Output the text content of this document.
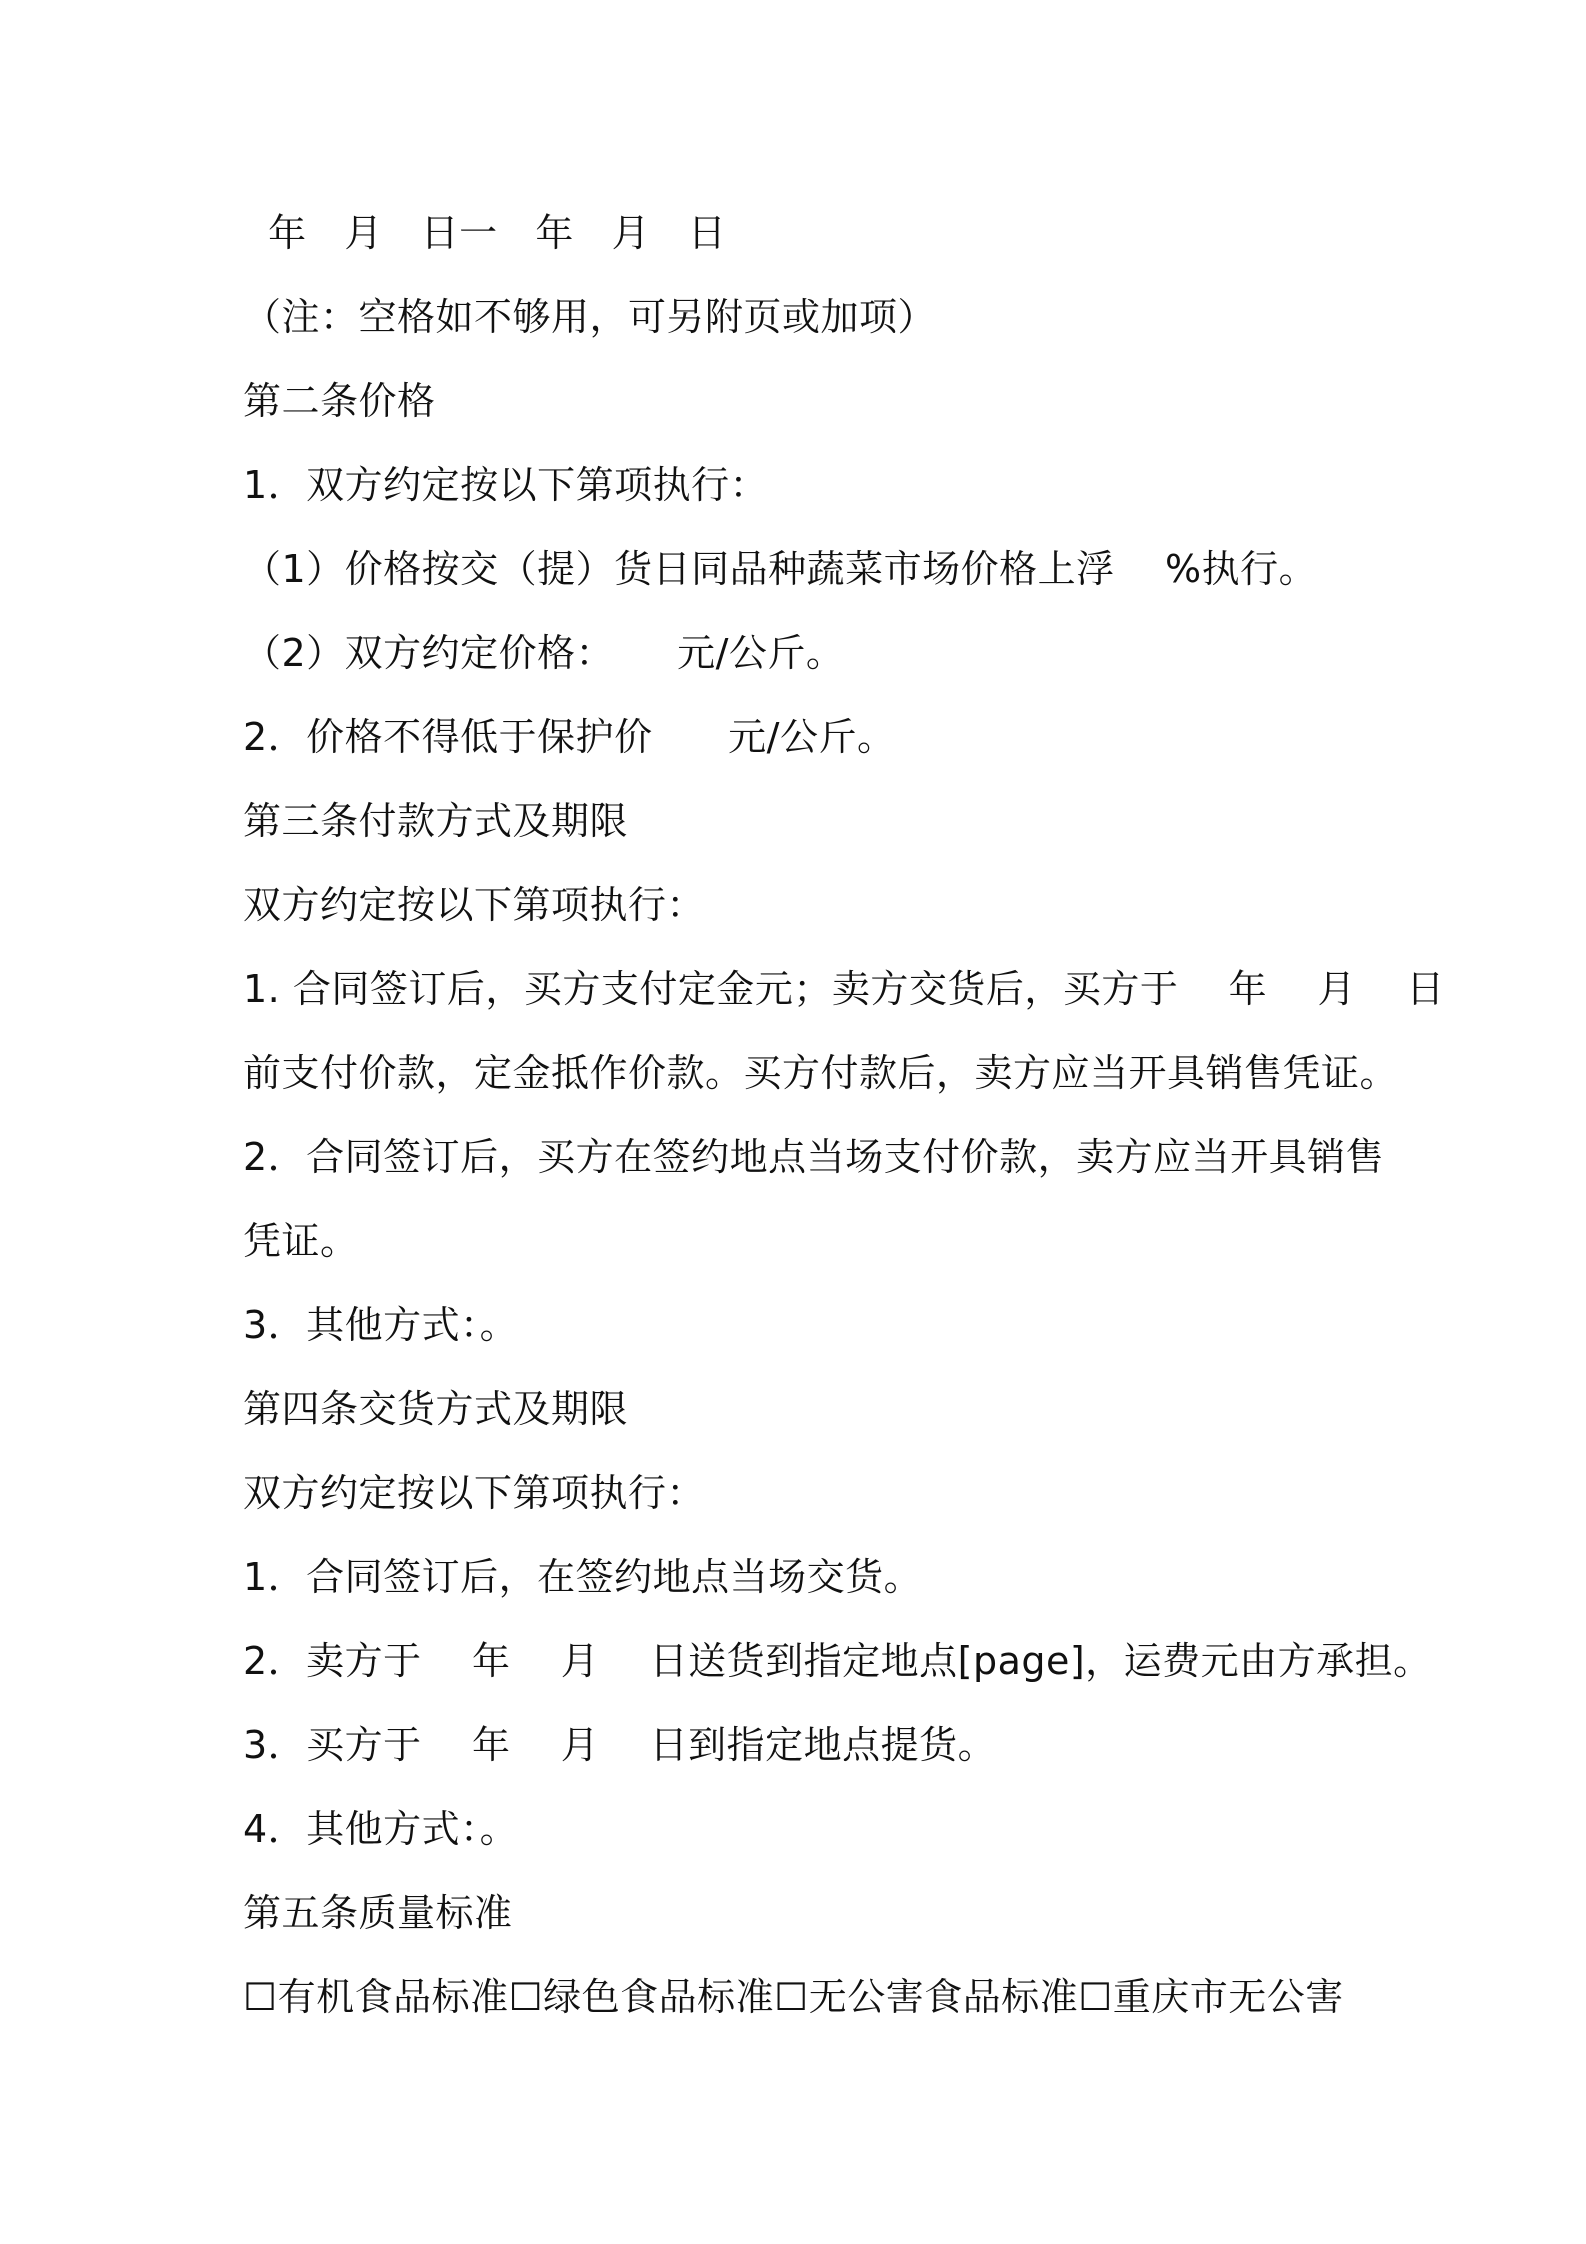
年   月   日一   年   月   日

（注：空格如不够用，可另附页或加项）

第二条价格

1．双方约定按以下第项执行：

（1）价格按交（提）货日同品种蔬菜市场价格上浮    %执行。

（2）双方约定价格：     元/公斤。

2．价格不得低于保护价      元/公斤。

第三条付款方式及期限

双方约定按以下第项执行：

1. 合同签订后，买方支付定金元；卖方交货后，买方于    年    月    日

前支付价款，定金抵作价款。买方付款后，卖方应当开具销售凭证。

2．合同签订后，买方在签约地点当场支付价款，卖方应当开具销售

凭证。

3．其他方式：。

第四条交货方式及期限

双方约定按以下第项执行：

1．合同签订后，在签约地点当场交货。

2．卖方于    年    月    日送货到指定地点[page]，运费元由方承担。

3．买方于    年    月    日到指定地点提货。

4．其他方式：。

第五条质量标准

☐有机食品标准☐绿色食品标准☐无公害食品标准☐重庆市无公害
